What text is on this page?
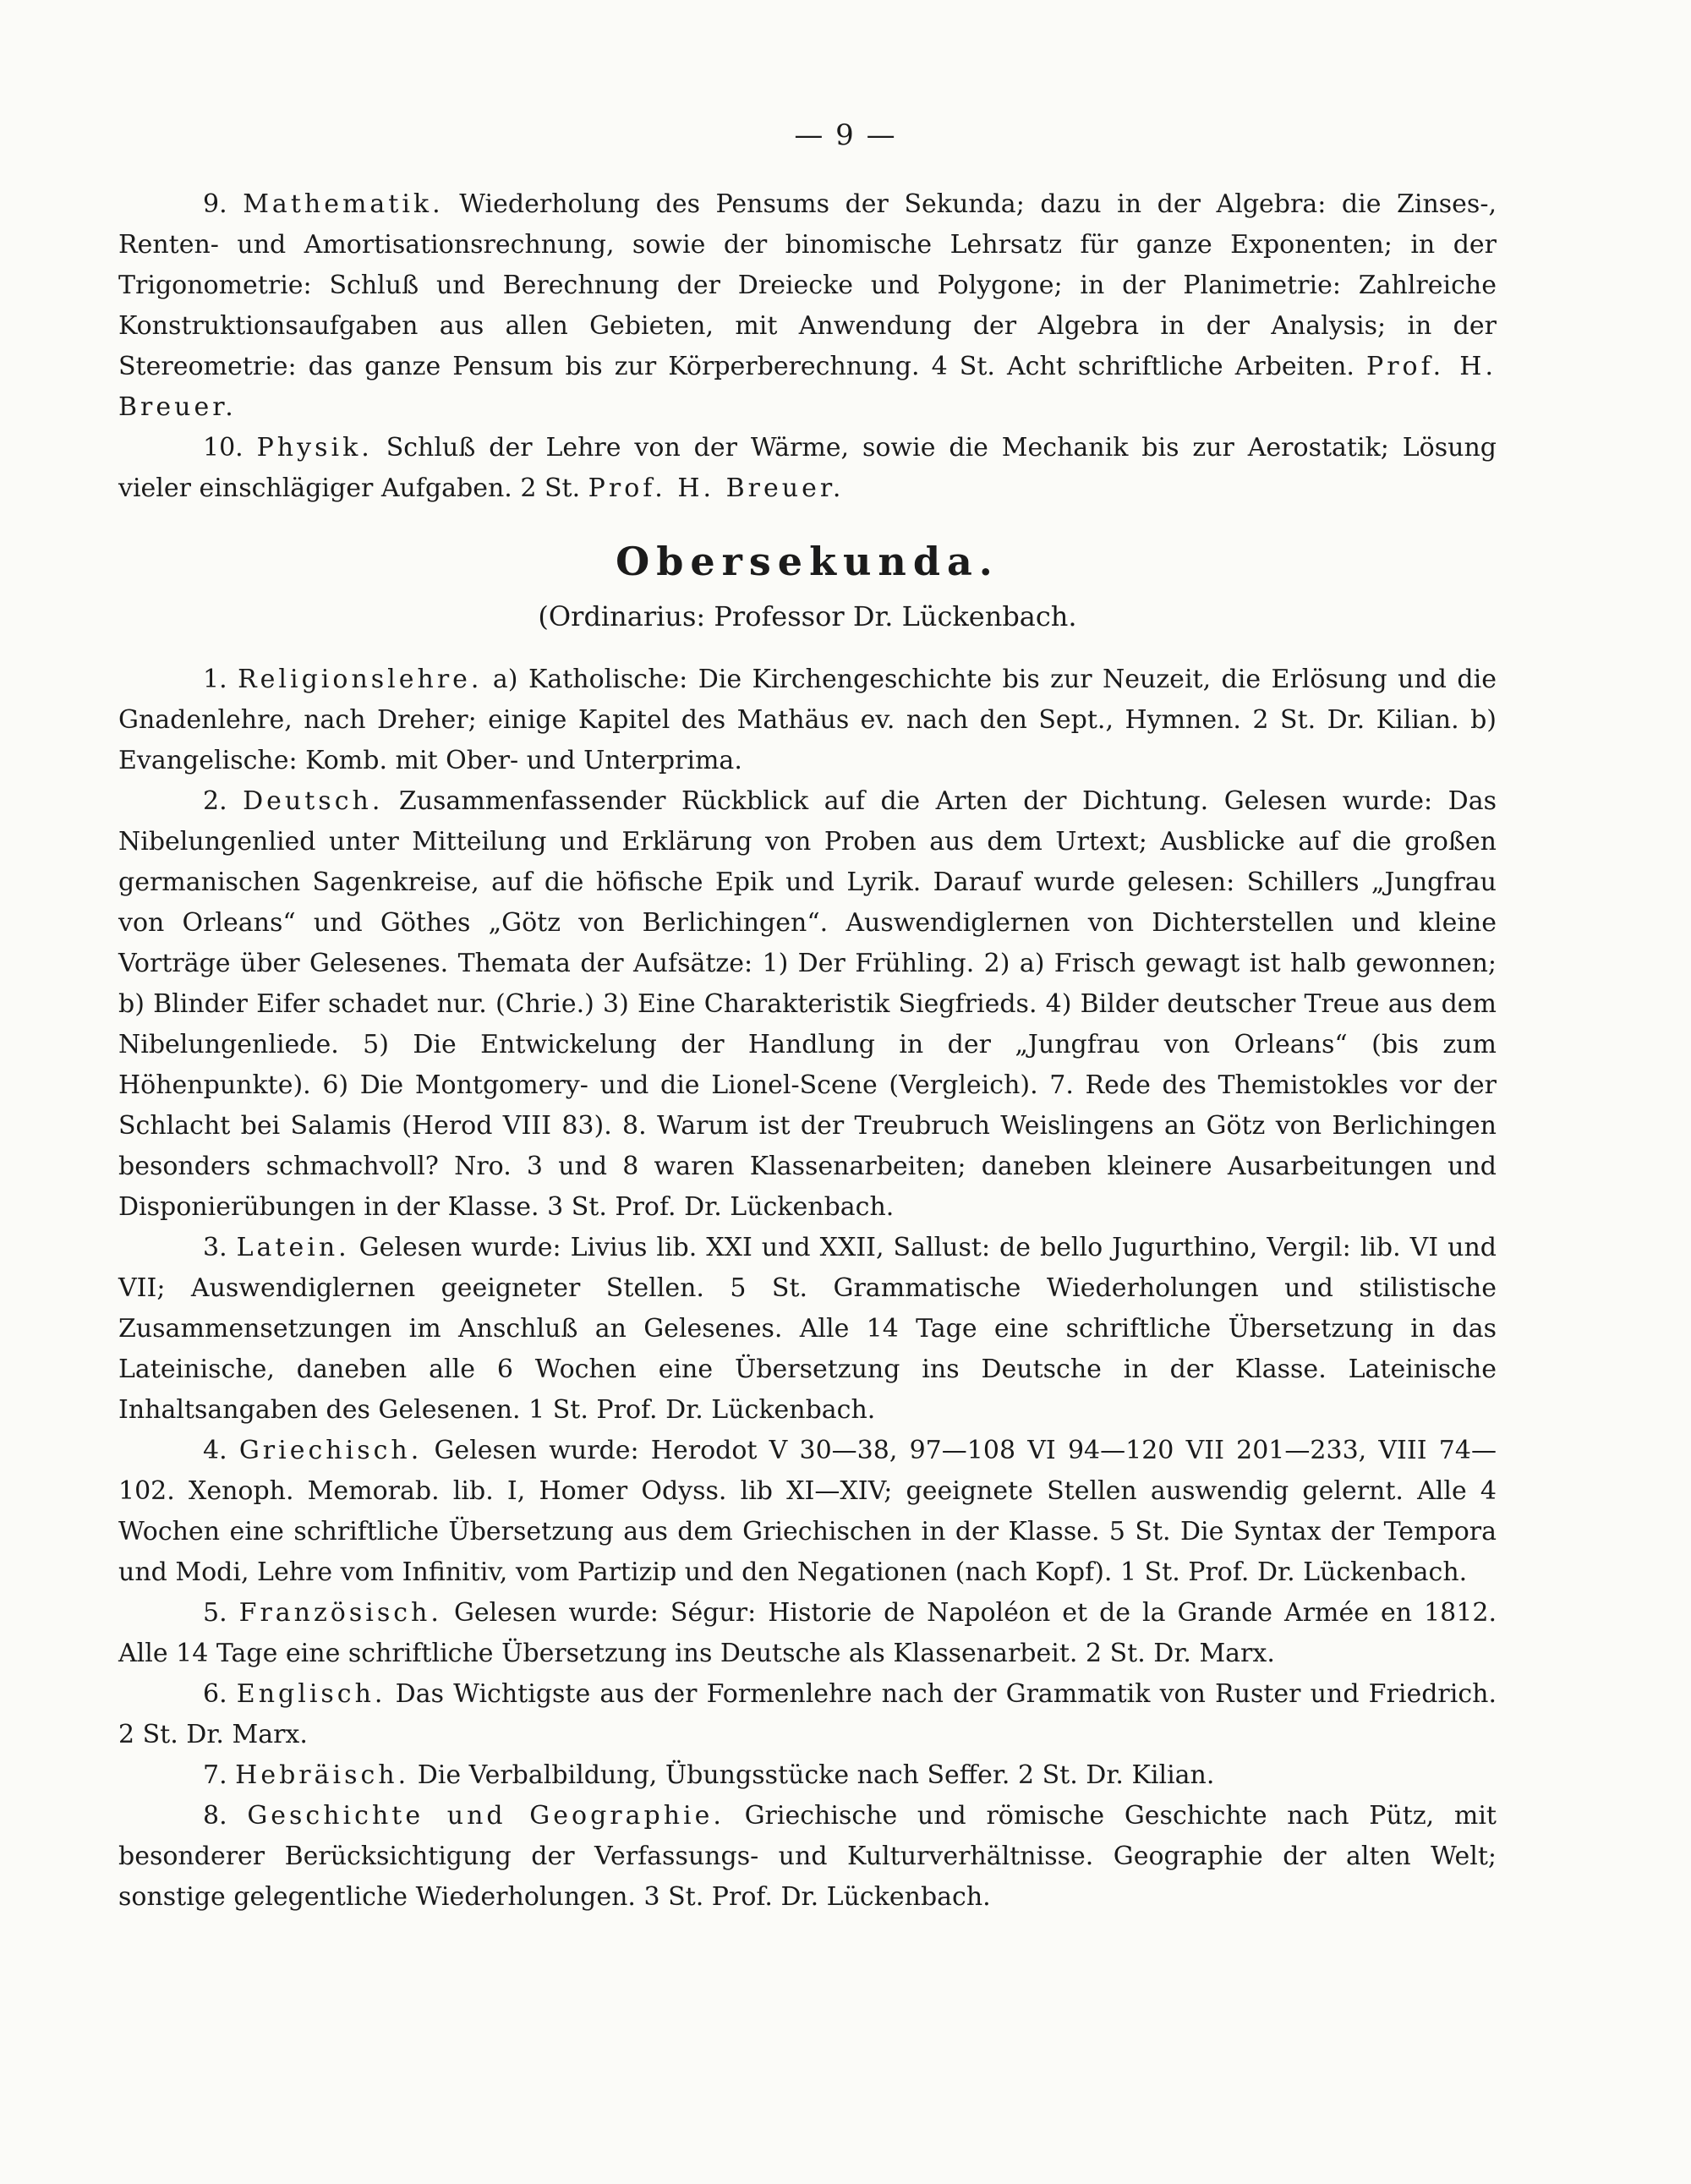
— 9 —

9. Mathematik. Wiederholung des Pensums der Sekunda; dazu in der Algebra: die Zinses-, Renten- und Amortisationsrechnung, sowie der binomische Lehrsatz für ganze Exponenten; in der Trigonometrie: Schluß und Berechnung der Dreiecke und Polygone; in der Planimetrie: Zahlreiche Konstruktionsaufgaben aus allen Gebieten, mit Anwendung der Algebra in der Analysis; in der Stereometrie: das ganze Pensum bis zur Körperberechnung. 4 St. Acht schriftliche Arbeiten. Prof. H. Breuer.

10. Physik. Schluß der Lehre von der Wärme, sowie die Mechanik bis zur Aerostatik; Lösung vieler einschlägiger Aufgaben. 2 St. Prof. H. Breuer.

Obersekunda.
(Ordinarius: Professor Dr. Lückenbach.

1. Religionslehre. a) Katholische: Die Kirchengeschichte bis zur Neuzeit, die Erlösung und die Gnadenlehre, nach Dreher; einige Kapitel des Mathäus ev. nach den Sept., Hymnen. 2 St. Dr. Kilian. b) Evangelische: Komb. mit Ober- und Unterprima.

2. Deutsch. Zusammenfassender Rückblick auf die Arten der Dichtung. Gelesen wurde: Das Nibelungenlied unter Mitteilung und Erklärung von Proben aus dem Urtext; Ausblicke auf die großen germanischen Sagenkreise, auf die höfische Epik und Lyrik. Darauf wurde gelesen: Schillers „Jungfrau von Orleans“ und Göthes „Götz von Berlichingen“. Auswendiglernen von Dichterstellen und kleine Vorträge über Gelesenes. Themata der Aufsätze: 1) Der Frühling. 2) a) Frisch gewagt ist halb gewonnen; b) Blinder Eifer schadet nur. (Chrie.) 3) Eine Charakteristik Siegfrieds. 4) Bilder deutscher Treue aus dem Nibelungenliede. 5) Die Entwickelung der Handlung in der „Jungfrau von Orleans“ (bis zum Höhenpunkte). 6) Die Montgomery- und die Lionel-Scene (Vergleich). 7. Rede des Themistokles vor der Schlacht bei Salamis (Herod VIII 83). 8. Warum ist der Treubruch Weislingens an Götz von Berlichingen besonders schmachvoll? Nro. 3 und 8 waren Klassenarbeiten; daneben kleinere Ausarbeitungen und Disponierübungen in der Klasse. 3 St. Prof. Dr. Lückenbach.

3. Latein. Gelesen wurde: Livius lib. XXI und XXII, Sallust: de bello Jugurthino, Vergil: lib. VI und VII; Auswendiglernen geeigneter Stellen. 5 St. Grammatische Wiederholungen und stilistische Zusammensetzungen im Anschluß an Gelesenes. Alle 14 Tage eine schriftliche Übersetzung in das Lateinische, daneben alle 6 Wochen eine Übersetzung ins Deutsche in der Klasse. Lateinische Inhaltsangaben des Gelesenen. 1 St. Prof. Dr. Lückenbach.

4. Griechisch. Gelesen wurde: Herodot V 30—38, 97—108 VI 94—120 VII 201—233, VIII 74—102. Xenoph. Memorab. lib. I, Homer Odyss. lib XI—XIV; geeignete Stellen auswendig gelernt. Alle 4 Wochen eine schriftliche Übersetzung aus dem Griechischen in der Klasse. 5 St. Die Syntax der Tempora und Modi, Lehre vom Infinitiv, vom Partizip und den Negationen (nach Kopf). 1 St. Prof. Dr. Lückenbach.

5. Französisch. Gelesen wurde: Ségur: Historie de Napoléon et de la Grande Armée en 1812. Alle 14 Tage eine schriftliche Übersetzung ins Deutsche als Klassenarbeit. 2 St. Dr. Marx.

6. Englisch. Das Wichtigste aus der Formenlehre nach der Grammatik von Ruster und Friedrich. 2 St. Dr. Marx.

7. Hebräisch. Die Verbalbildung, Übungsstücke nach Seffer. 2 St. Dr. Kilian.

8. Geschichte und Geographie. Griechische und römische Geschichte nach Pütz, mit besonderer Berücksichtigung der Verfassungs- und Kulturverhältnisse. Geographie der alten Welt; sonstige gelegentliche Wiederholungen. 3 St. Prof. Dr. Lückenbach.
